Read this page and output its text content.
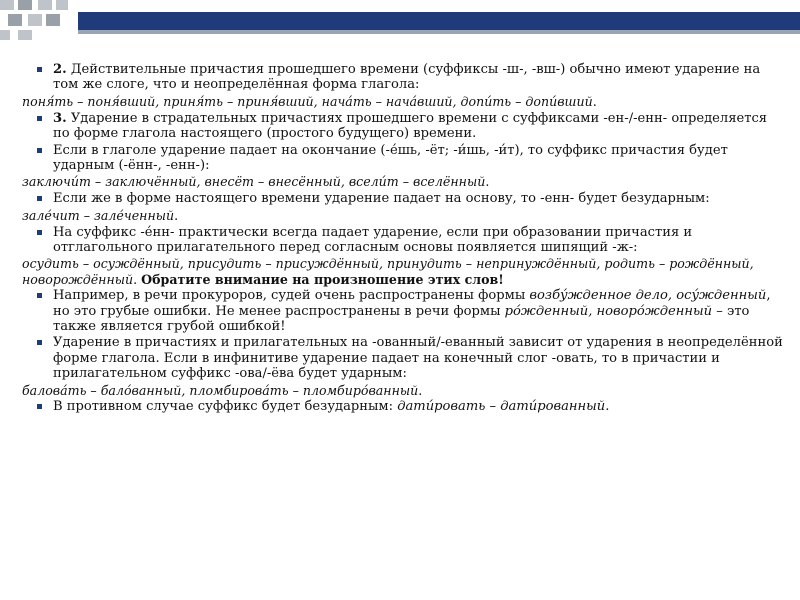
2. Действительные причастия прошедшего времени (суффиксы -ш-, -вш-) обычно имеют ударение на том же слоге, что и неопределённая форма глагола:
поня́ть – поня́вший, приня́ть – приня́вший, нача́ть – нача́вший, допи́ть – допи́вший.
3. Ударение в страдательных причастиях прошедшего времени с суффиксами -ен-/-енн- определяется по форме глагола настоящего (простого будущего) времени.
Если в глаголе ударение падает на окончание (-е́шь, -ёт; -и́шь, -и́т), то суффикс причастия будет ударным (-ённ-, -енн-):
заключи́т – заключённый, внесёт – внесённый, всели́т – вселённый.
Если же в форме настоящего времени ударение падает на основу, то -енн- будет безударным:
зале́чит – зале́ченный.
На суффикс -е́нн- практически всегда падает ударение, если при образовании причастия и отглагольного прилагательного перед согласным основы появляется шипящий -ж-:
осудить – осуждённый, присудить – присуждённый, принудить – непринуждённый, родить – рождённый, новорождённый. Обратите внимание на произношение этих слов!
Например, в речи прокуроров, судей очень распространены формы возбу́жденное дело, осу́жденный, но это грубые ошибки. Не менее распространены в речи формы ро́жденный, новоро́жденный – это также является грубой ошибкой!
Ударение в причастиях и прилагательных на -ованный/-еванный зависит от ударения в неопределённой форме глагола. Если в инфинитиве ударение падает на конечный слог -овать, то в причастии и прилагательном суффикс -ова/-ёва будет ударным:
балова́ть – бало́ванный, пломбирова́ть – пломбиро́ванный.
В противном случае суффикс будет безударным: дати́ровать – дати́рованный.
